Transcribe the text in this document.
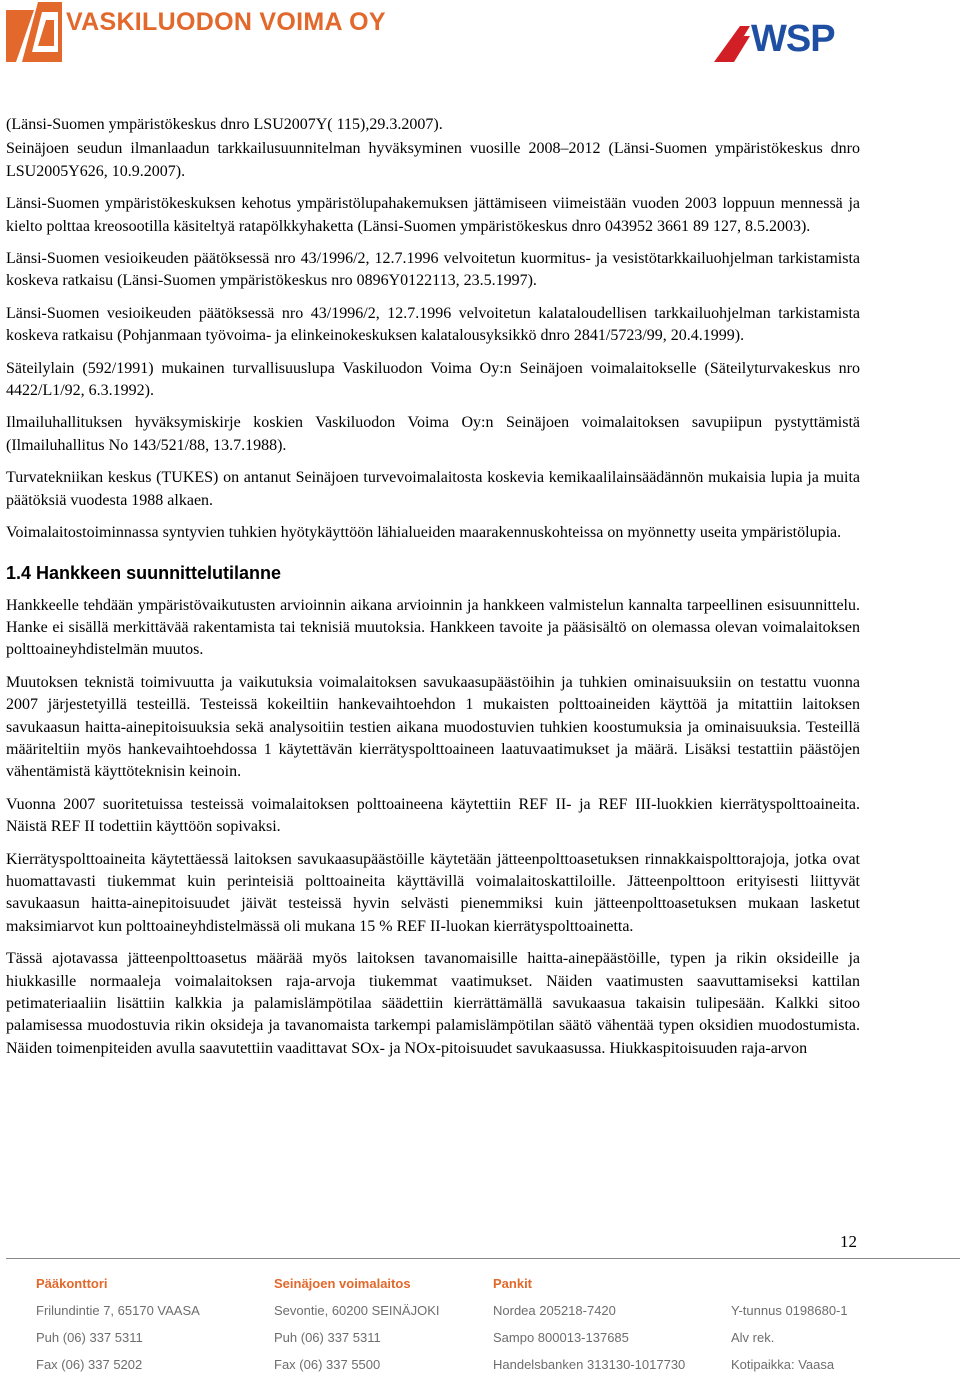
VASKILUODON VOIMA OY	WSP

(Länsi-Suomen ympäristökeskus dnro LSU2007Y( 115),29.3.2007).

Seinäjoen seudun ilmanlaadun tarkkailusuunnitelman hyväksyminen vuosille 2008–2012 (Länsi-Suomen ympäristökeskus dnro LSU2005Y626, 10.9.2007).

Länsi-Suomen ympäristökeskuksen kehotus ympäristölupahakemuksen jättämiseen viimeistään vuoden 2003 loppuun mennessä ja kielto polttaa kreosootilla käsiteltyä ratapölkkyhaketta (Länsi-Suomen ympäristökeskus dnro 043952 3661 89 127, 8.5.2003).

Länsi-Suomen vesioikeuden päätöksessä nro 43/1996/2, 12.7.1996 velvoitetun kuormitus- ja vesistötarkkailuohjelman tarkistamista koskeva ratkaisu (Länsi-Suomen ympäristökeskus nro 0896Y0122113, 23.5.1997).

Länsi-Suomen vesioikeuden päätöksessä nro 43/1996/2, 12.7.1996 velvoitetun kalataloudellisen tarkkailuohjelman tarkistamista koskeva ratkaisu (Pohjanmaan työvoima- ja elinkeinokeskuksen kalatalousyksikkö dnro 2841/5723/99, 20.4.1999).

Säteilylain (592/1991) mukainen turvallisuuslupa Vaskiluodon Voima Oy:n Seinäjoen voimalaitokselle (Säteilyturvakeskus nro 4422/L1/92, 6.3.1992).

Ilmailuhallituksen hyväksymiskirje koskien Vaskiluodon Voima Oy:n Seinäjoen voimalaitoksen savupiipun pystyttämistä (Ilmailuhallitus No 143/521/88, 13.7.1988).

Turvatekniikan keskus (TUKES) on antanut Seinäjoen turvevoimalaitosta koskevia kemikaalilainsäädännön mukaisia lupia ja muita päätöksiä vuodesta 1988 alkaen.

Voimalaitostoiminnassa syntyvien tuhkien hyötykäyttöön lähialueiden maarakennuskohteissa on myönnetty useita ympäristölupia.

1.4 Hankkeen suunnittelutilanne

Hankkeelle tehdään ympäristövaikutusten arvioinnin aikana arvioinnin ja hankkeen valmistelun kannalta tarpeellinen esisuunnittelu. Hanke ei sisällä merkittävää rakentamista tai teknisiä muutoksia. Hankkeen tavoite ja pääsisältö on olemassa olevan voimalaitoksen polttoaineyhdistelmän muutos.

Muutoksen teknistä toimivuutta ja vaikutuksia voimalaitoksen savukaasupäästöihin ja tuhkien ominaisuuksiin on testattu vuonna 2007 järjestetyillä testeillä. Testeissä kokeiltiin hankevaihtoehdon 1 mukaisten polttoaineiden käyttöä ja mitattiin laitoksen savukaasun haitta-ainepitoisuuksia sekä analysoitiin testien aikana muodostuvien tuhkien koostumuksia ja ominaisuuksia. Testeillä määriteltiin myös hankevaihtoehdossa 1 käytettävän kierrätyspolttoaineen laatuvaatimukset ja määrä. Lisäksi testattiin päästöjen vähentämistä käyttöteknisin keinoin.

Vuonna 2007 suoritetuissa testeissä voimalaitoksen polttoaineena käytettiin REF II- ja REF III-luokkien kierrätyspolttoaineita. Näistä REF II todettiin käyttöön sopivaksi.

Kierrätyspolttoaineita käytettäessä laitoksen savukaasupäästöille käytetään jätteenpolttoasetuksen rinnakkaispolttorajoja, jotka ovat huomattavasti tiukemmat kuin perinteisiä polttoaineita käyttävillä voimalaitoskattiloille. Jätteenpolttoon erityisesti liittyvät savukaasun haitta-ainepitoisuudet jäivät testeissä hyvin selvästi pienemmiksi kuin jätteenpolttoasetuksen mukaan lasketut maksimiarvot kun polttoaineyhdistelmässä oli mukana 15 % REF II-luokan kierrätyspolttoainetta.

Tässä ajotavassa jätteenpolttoasetus määrää myös laitoksen tavanomaisille haitta-ainepäästöille, typen ja rikin oksideille ja hiukkasille normaaleja voimalaitoksen raja-arvoja tiukemmat vaatimukset. Näiden vaatimusten saavuttamiseksi kattilan petimateriaaliin lisättiin kalkkia ja palamislämpötilaa säädettiin kierrättämällä savukaasua takaisin tulipesään. Kalkki sitoo palamisessa muodostuvia rikin oksideja ja tavanomaista tarkempi palamislämpötilan säätö vähentää typen oksidien muodostumista. Näiden toimenpiteiden avulla saavutettiin vaadittavat SOx- ja NOx-pitoisuudet savukaasussa. Hiukkaspitoisuuden raja-arvon

12
Pääkonttori
Frilundintie 7, 65170 VAASA
Puh (06) 337 5311
Fax (06) 337 5202
Seinäjoen voimalaitos
Sevontie, 60200 SEINÄJOKI
Puh (06) 337 5311
Fax (06) 337 5500
Pankit
Nordea 205218-7420
Sampo 800013-137685
Handelsbanken 313130-1017730
Y-tunnus 0198680-1
Alv rek.
Kotipaikka: Vaasa
